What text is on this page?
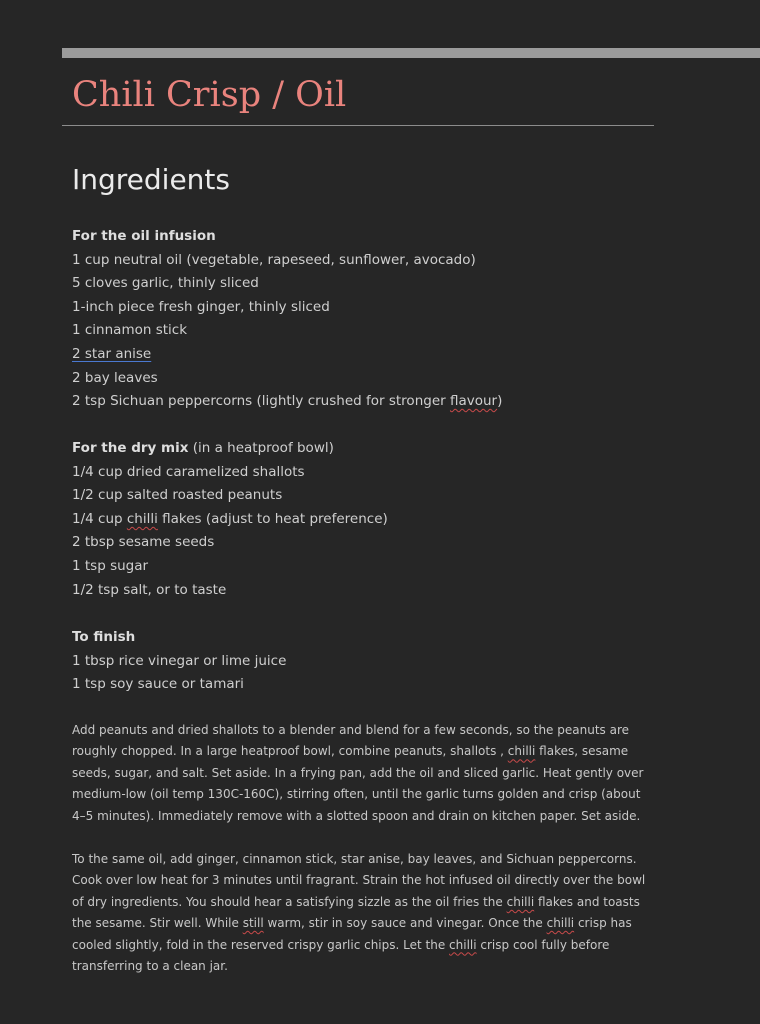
Chili Crisp / Oil
Ingredients
For the oil infusion
1 cup neutral oil (vegetable, rapeseed, sunflower, avocado)
5 cloves garlic, thinly sliced
1-inch piece fresh ginger, thinly sliced
1 cinnamon stick
2 star anise
2 bay leaves
2 tsp Sichuan peppercorns (lightly crushed for stronger flavour)
For the dry mix (in a heatproof bowl)
1/4 cup dried caramelized shallots
1/2 cup salted roasted peanuts
1/4 cup chilli flakes (adjust to heat preference)
2 tbsp sesame seeds
1 tsp sugar
1/2 tsp salt, or to taste
To finish
1 tbsp rice vinegar or lime juice
1 tsp soy sauce or tamari

Add peanuts and dried shallots to a blender and blend for a few seconds, so the peanuts are roughly chopped. In a large heatproof bowl, combine peanuts, shallots , chilli flakes, sesame seeds, sugar, and salt. Set aside. In a frying pan, add the oil and sliced garlic. Heat gently over medium-low (oil temp 130C-160C), stirring often, until the garlic turns golden and crisp (about 4–5 minutes). Immediately remove with a slotted spoon and drain on kitchen paper. Set aside.

To the same oil, add ginger, cinnamon stick, star anise, bay leaves, and Sichuan peppercorns. Cook over low heat for 3 minutes until fragrant. Strain the hot infused oil directly over the bowl of dry ingredients. You should hear a satisfying sizzle as the oil fries the chilli flakes and toasts the sesame. Stir well. While still warm, stir in soy sauce and vinegar. Once the chilli crisp has cooled slightly, fold in the reserved crispy garlic chips. Let the chilli crisp cool fully before transferring to a clean jar.
